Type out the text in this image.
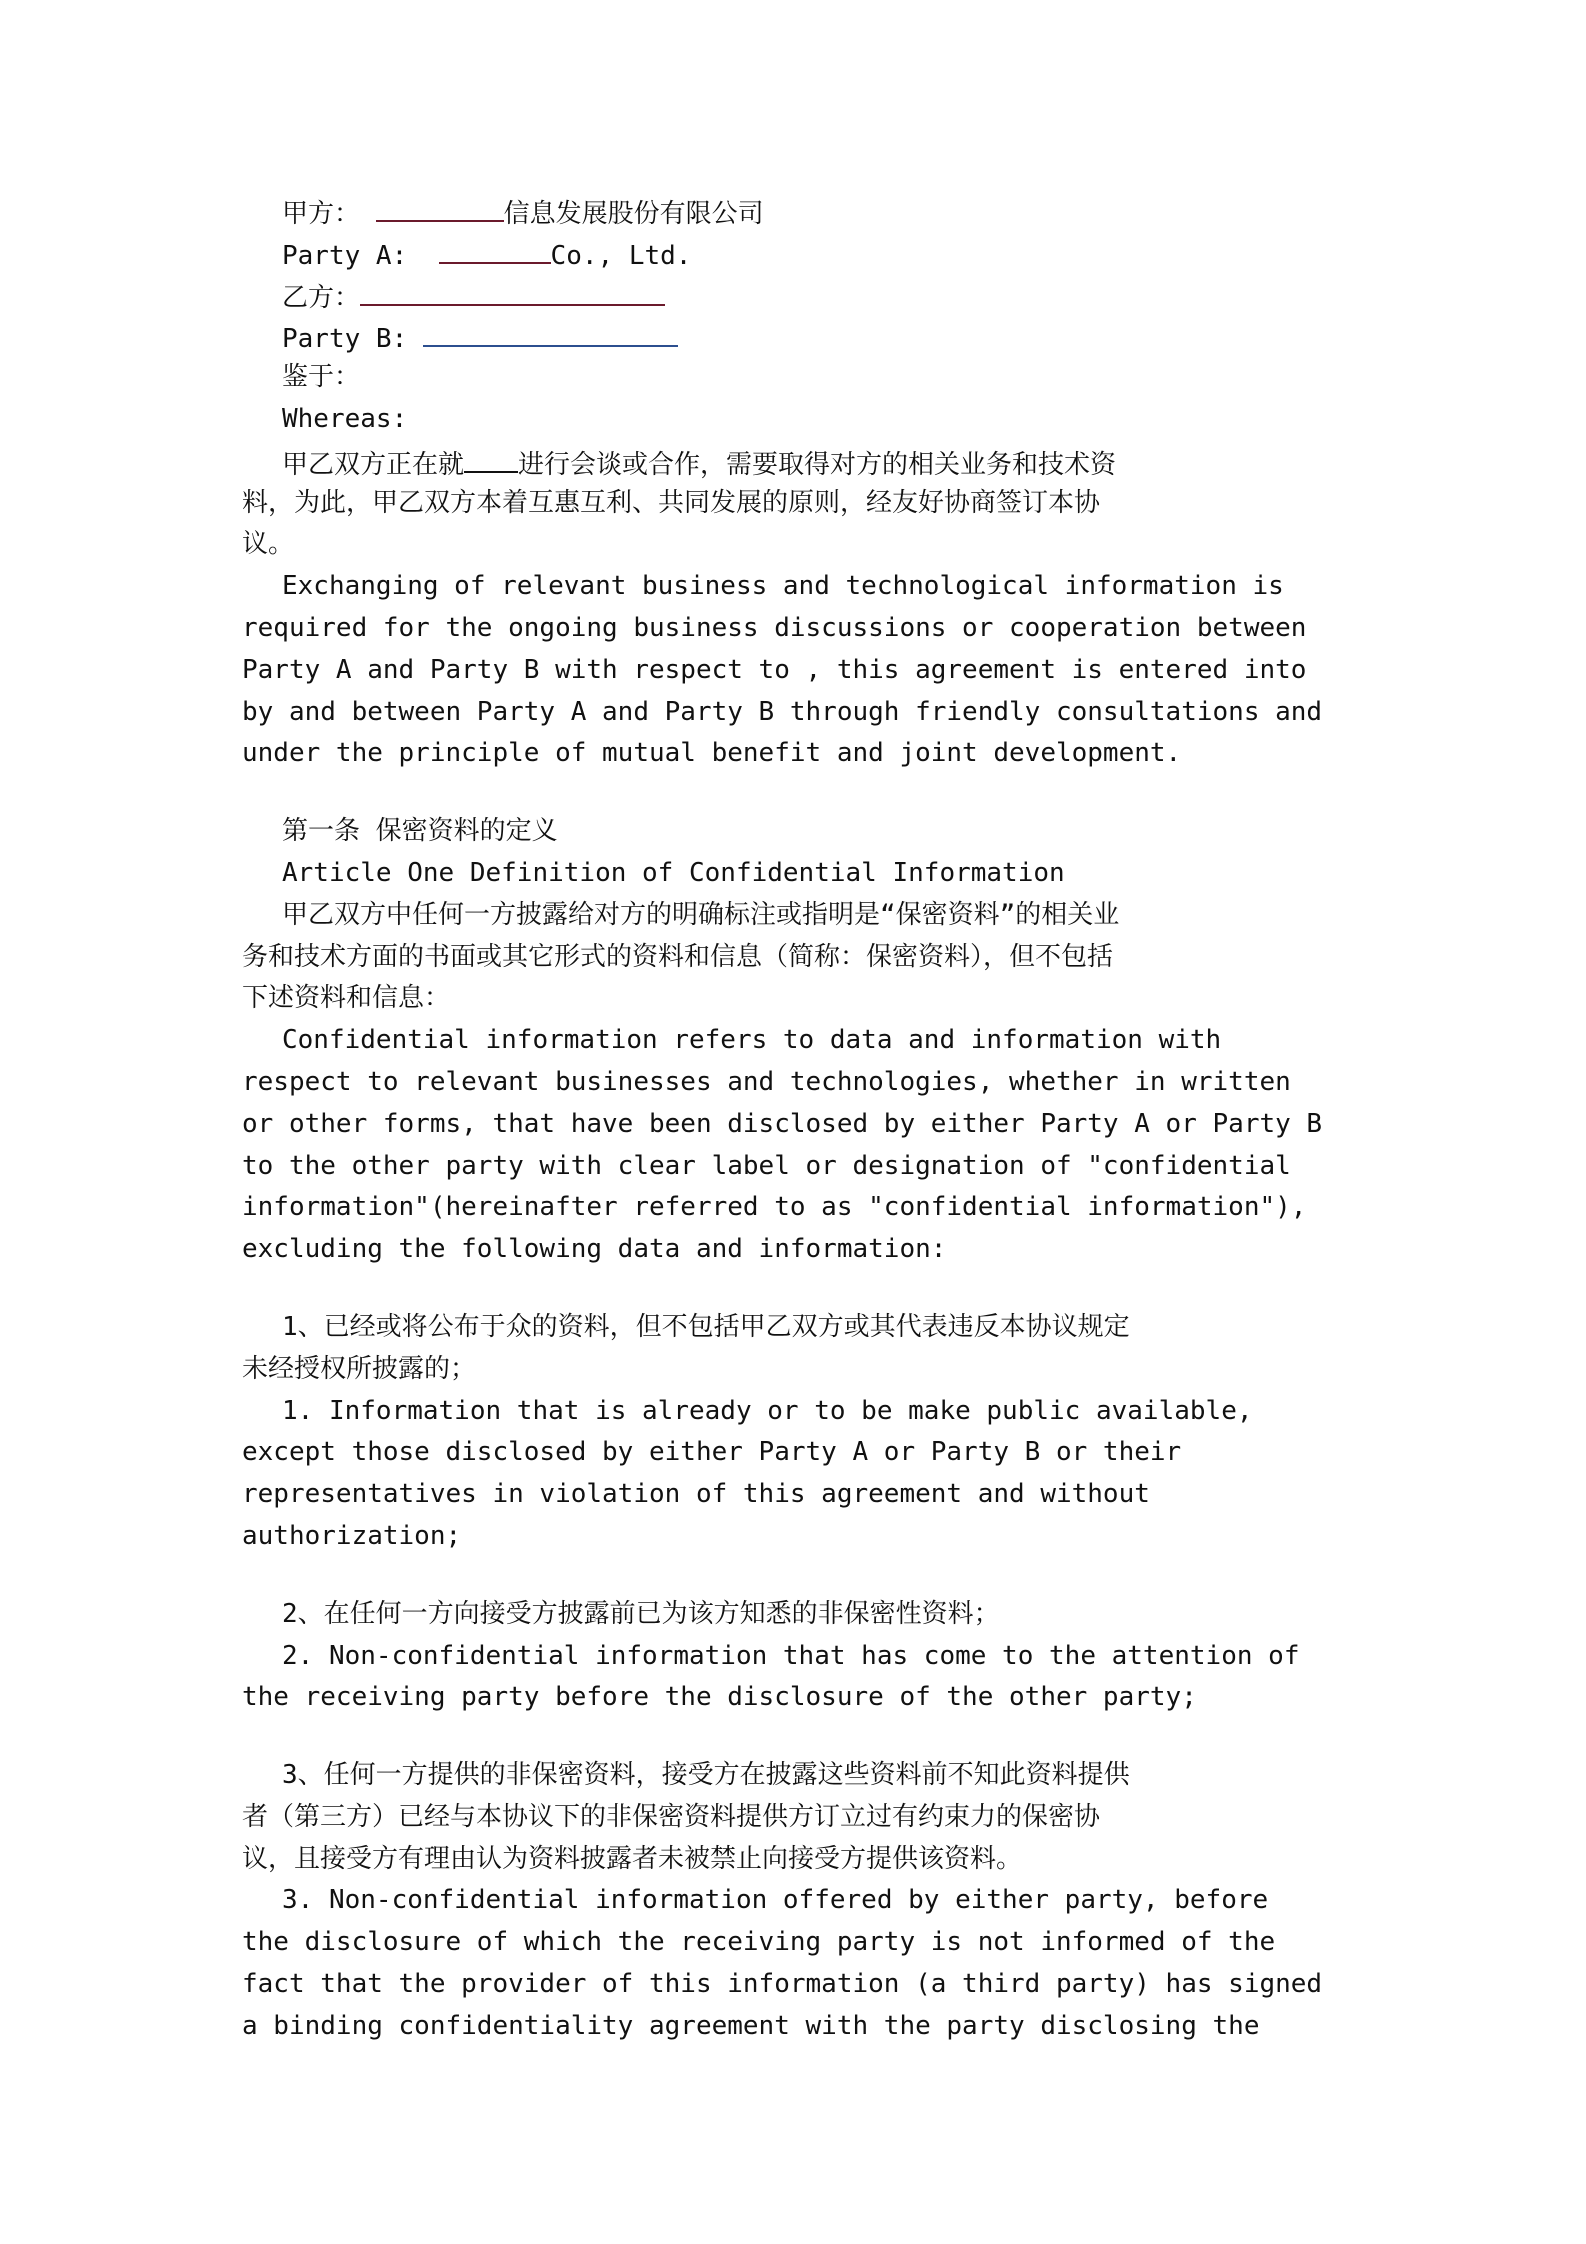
甲方：	信息发展股份有限公司
Party A:	Co., Ltd.
乙方：
Party B:
鉴于：
Whereas:
甲乙双方正在就 进行会谈或合作，需要取得对方的相关业务和技术资
料，为此，甲乙双方本着互惠互利、共同发展的原则，经友好协商签订本协
议。
Exchanging of relevant business and technological information is
required for the ongoing business discussions or cooperation between
Party A and Party B with respect to , this agreement is entered into
by and between Party A and Party B through friendly consultations and
under the principle of mutual benefit and joint development.
第一条 保密资料的定义
Article One Definition of Confidential Information
甲乙双方中任何一方披露给对方的明确标注或指明是“保密资料”的相关业
务和技术方面的书面或其它形式的资料和信息（简称：保密资料），但不包括
下述资料和信息：
Confidential information refers to data and information with
respect to relevant businesses and technologies, whether in written
or other forms, that have been disclosed by either Party A or Party B
to the other party with clear label or designation of "confidential
information"(hereinafter referred to as "confidential information"),
excluding the following data and information:
1、已经或将公布于众的资料，但不包括甲乙双方或其代表违反本协议规定
未经授权所披露的；
1. Information that is already or to be make public available,
except those disclosed by either Party A or Party B or their
representatives in violation of this agreement and without
authorization;
2、在任何一方向接受方披露前已为该方知悉的非保密性资料；
2. Non-confidential information that has come to the attention of
the receiving party before the disclosure of the other party;
3、任何一方提供的非保密资料，接受方在披露这些资料前不知此资料提供
者（第三方）已经与本协议下的非保密资料提供方订立过有约束力的保密协
议，且接受方有理由认为资料披露者未被禁止向接受方提供该资料。
3. Non-confidential information offered by either party, before
the disclosure of which the receiving party is not informed of the
fact that the provider of this information (a third party) has signed
a binding confidentiality agreement with the party disclosing the
